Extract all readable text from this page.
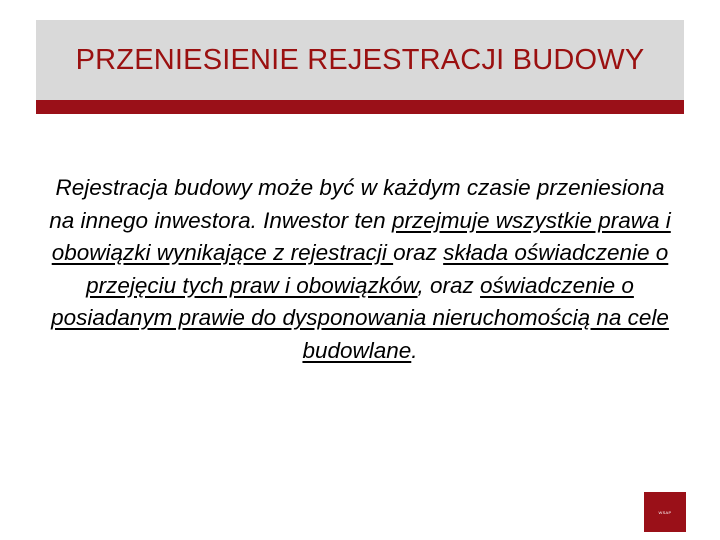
PRZENIESIENIE REJESTRACJI BUDOWY
Rejestracja budowy może być w każdym czasie przeniesiona na innego inwestora. Inwestor ten przejmuje wszystkie prawa i obowiązki wynikające z rejestracji oraz składa oświadczenie o przejęciu tych praw i obowiązków, oraz oświadczenie o posiadanym prawie do dysponowania nieruchomością na cele budowlane.
WSAP
